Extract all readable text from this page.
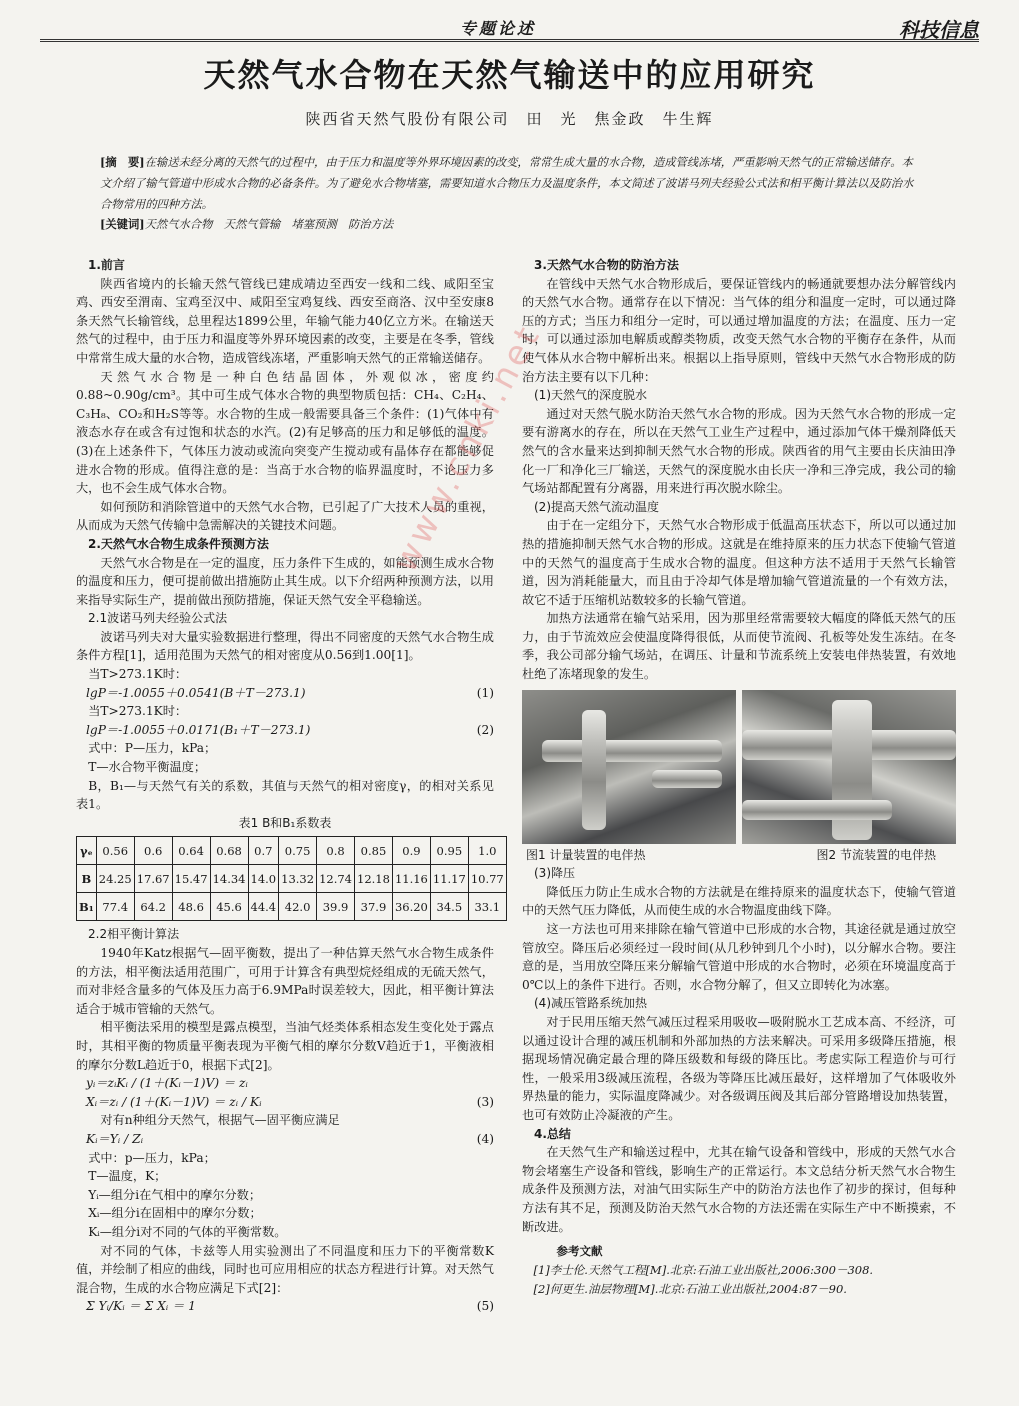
专题论述	科技信息
天然气水合物在天然气输送中的应用研究
陕西省天然气股份有限公司　田　光　焦金政　牛生辉
[摘　要]在输送未经分离的天然气的过程中，由于压力和温度等外界环境因素的改变，常常生成大量的水合物，造成管线冻堵，严重影响天然气的正常输送储存。本文介绍了输气管道中形成水合物的必备条件。为了避免水合物堵塞，需要知道水合物压力及温度条件，本文简述了波诺马列夫经验公式法和相平衡计算法以及防治水合物常用的四种方法。
[关键词]天然气水合物　天然气管输　堵塞预测　防治方法

1.前言

陕西省境内的长输天然气管线已建成靖边至西安一线和二线、咸阳至宝鸡、西安至渭南、宝鸡至汉中、咸阳至宝鸡复线、西安至商洛、汉中至安康8条天然气长输管线，总里程达1899公里，年输气能力40亿立方米。在输送天然气的过程中，由于压力和温度等外界环境因素的改变，主要是在冬季，管线中常常生成大量的水合物，造成管线冻堵，严重影响天然气的正常输送储存。

天然气水合物是一种白色结晶固体，外观似冰，密度约0.88~0.90g/cm³。其中可生成气体水合物的典型物质包括：CH₄、C₂H₄、C₃H₈、CO₂和H₂S等等。水合物的生成一般需要具备三个条件：(1)气体中有液态水存在或含有过饱和状态的水汽。(2)有足够高的压力和足够低的温度。(3)在上述条件下，气体压力波动或流向突变产生搅动或有晶体存在都能够促进水合物的形成。值得注意的是：当高于水合物的临界温度时，不论压力多大，也不会生成气体水合物。

如何预防和消除管道中的天然气水合物，已引起了广大技术人员的重视，从而成为天然气传输中急需解决的关键技术问题。

2.天然气水合物生成条件预测方法

天然气水合物是在一定的温度，压力条件下生成的，如能预测生成水合物的温度和压力，便可提前做出措施防止其生成。以下介绍两种预测方法，以用来指导实际生产，提前做出预防措施，保证天然气安全平稳输送。

2.1波诺马列夫经验公式法

波诺马列夫对大量实验数据进行整理，得出不同密度的天然气水合物生成条件方程[1]，适用范围为天然气的相对密度从0.56到1.00[1]。

当T>273.1K时：

lgP＝-1.0055＋0.0541(B＋T－273.1)	(1)

当T>273.1K时：

lgP＝-1.0055＋0.0171(B₁＋T－273.1)	(2)

式中：P—压力，kPa；

T—水合物平衡温度；

B，B₁—与天然气有关的系数，其值与天然气的相对密度γ，的相对关系见表1。

表1 B和B₁系数表

γₑ	0.56	0.6	0.64	0.68	0.7	0.75	0.8	0.85	0.9	0.95	1.0
B	24.25	17.67	15.47	14.34	14.0	13.32	12.74	12.18	11.16	11.17	10.77
B₁	77.4	64.2	48.6	45.6	44.4	42.0	39.9	37.9	36.20	34.5	33.1

2.2相平衡计算法

1940年Katz根据气—固平衡数，提出了一种估算天然气水合物生成条件的方法，相平衡法适用范围广，可用于计算含有典型烷烃组成的无硫天然气，而对非烃含量多的气体及压力高于6.9MPa时误差较大，因此，相平衡计算法适合于城市管输的天然气。

相平衡法采用的模型是露点模型，当油气烃类体系相态发生变化处于露点时，其相平衡的物质量平衡表现为平衡气相的摩尔分数V趋近于1，平衡液相的摩尔分数L趋近于0，根据下式[2]。

yᵢ＝zᵢKᵢ / (1＋(Kᵢ－1)V) ＝ zᵢ

Xᵢ＝zᵢ / (1＋(Kᵢ－1)V) ＝ zᵢ / Kᵢ	(3)

对有n种组分天然气，根据气—固平衡应满足

Kᵢ＝Yᵢ / Zᵢ	(4)

式中：p—压力，kPa；

T—温度，K；

Yᵢ—组分i在气相中的摩尔分数；

Xᵢ—组分i在固相中的摩尔分数；

Kᵢ—组分i对不同的气体的平衡常数。

对不同的气体，卡兹等人用实验测出了不同温度和压力下的平衡常数K值，并绘制了相应的曲线，同时也可应用相应的状态方程进行计算。对天然气混合物，生成的水合物应满足下式[2]：

Σ Yᵢ/Kᵢ ＝ Σ Xᵢ ＝ 1	(5)

3.天然气水合物的防治方法

在管线中天然气水合物形成后，要保证管线内的畅通就要想办法分解管线内的天然气水合物。通常存在以下情况：当气体的组分和温度一定时，可以通过降压的方式；当压力和组分一定时，可以通过增加温度的方法；在温度、压力一定时，可以通过添加电解质或醇类物质，改变天然气水合物的平衡存在条件，从而使气体从水合物中解析出来。根据以上指导原则，管线中天然气水合物形成的防治方法主要有以下几种：

(1)天然气的深度脱水

通过对天然气脱水防治天然气水合物的形成。因为天然气水合物的形成一定要有游离水的存在，所以在天然气工业生产过程中，通过添加气体干燥剂降低天然气的含水量来达到抑制天然气水合物的形成。陕西省的用气主要由长庆油田净化一厂和净化三厂输送，天然气的深度脱水由长庆一净和三净完成，我公司的输气场站都配置有分离器，用来进行再次脱水除尘。

(2)提高天然气流动温度

由于在一定组分下，天然气水合物形成于低温高压状态下，所以可以通过加热的措施抑制天然气水合物的形成。这就是在维持原来的压力状态下使输气管道中的天然气的温度高于生成水合物的温度。但这种方法不适用于天然气长输管道，因为消耗能量大，而且由于冷却气体是增加输气管道流量的一个有效方法，故它不适于压缩机站数较多的长输气管道。

加热方法通常在输气站采用，因为那里经常需要较大幅度的降低天然气的压力，由于节流效应会使温度降得很低，从而使节流阀、孔板等处发生冻结。在冬季，我公司部分输气场站，在调压、计量和节流系统上安装电伴热装置，有效地杜绝了冻堵现象的发生。

图1 计量装置的电伴热	图2 节流装置的电伴热

(3)降压

降低压力防止生成水合物的方法就是在维持原来的温度状态下，使输气管道中的天然气压力降低，从而使生成的水合物温度曲线下降。

这一方法也可用来排除在输气管道中已形成的水合物，其途径就是通过放空管放空。降压后必须经过一段时间(从几秒钟到几个小时)，以分解水合物。要注意的是，当用放空降压来分解输气管道中形成的水合物时，必须在环境温度高于0℃以上的条件下进行。否则，水合物分解了，但又立即转化为冰塞。

(4)减压管路系统加热

对于民用压缩天然气减压过程采用吸收—吸附脱水工艺成本高、不经济，可以通过设计合理的减压机制和外部加热的方法来解决。可采用多级降压措施，根据现场情况确定最合理的降压级数和每级的降压比。考虑实际工程造价与可行性，一般采用3级减压流程，各级为等降压比减压最好，这样增加了气体吸收外界热量的能力，实际温度降减少。对各级调压阀及其后部分管路增设加热装置，也可有效防止冷凝液的产生。

4.总结

在天然气生产和输送过程中，尤其在输气设备和管线中，形成的天然气水合物会堵塞生产设备和管线，影响生产的正常运行。本文总结分析天然气水合物生成条件及预测方法，对油气田实际生产中的防治方法也作了初步的探讨，但每种方法有其不足，预测及防治天然气水合物的方法还需在实际生产中不断摸索，不断改进。

参考文献

[1]李士伦.天然气工程[M].北京:石油工业出版社,2006:300－308.

[2]何更生.油层物理[M].北京:石油工业出版社,2004:87－90.

www.cnki.net
